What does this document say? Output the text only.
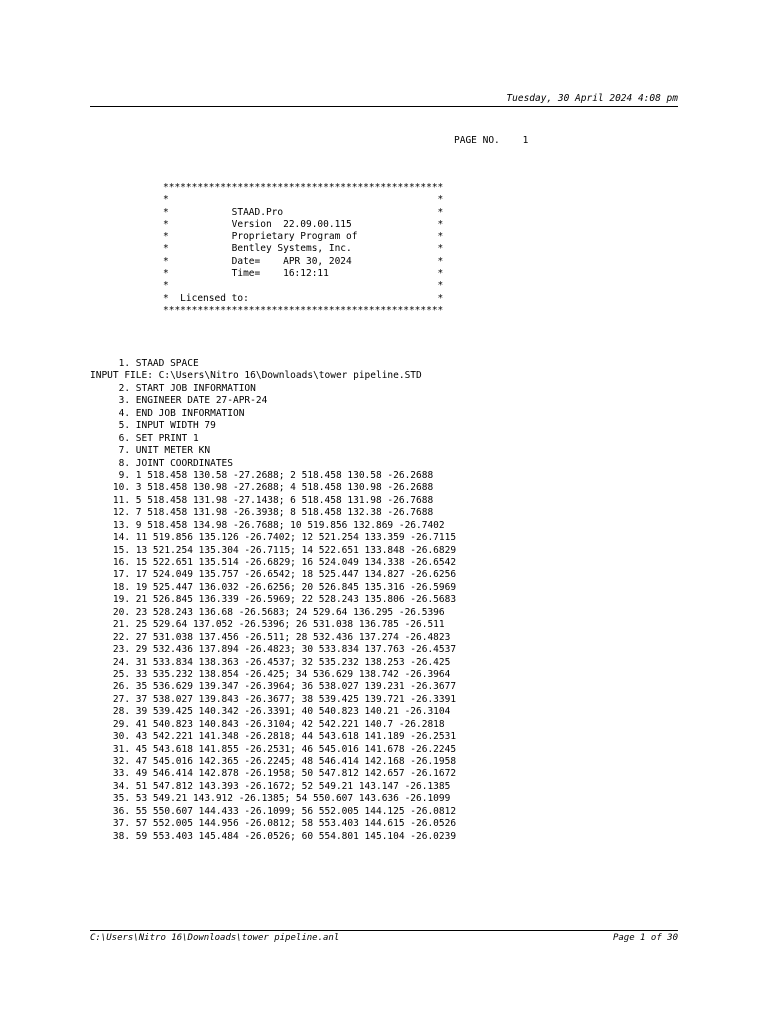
Tuesday, 30 April 2024 4:08 pm
PAGE NO.    1
*************************************************
*                                               *
*           STAAD.Pro                           *
*           Version  22.09.00.115               *
*           Proprietary Program of              *
*           Bentley Systems, Inc.               *
*           Date=    APR 30, 2024               *
*           Time=    16:12:11                   *
*                                               *
*  Licensed to:                                 *
*************************************************
1. STAAD SPACE
INPUT FILE: C:\Users\Nitro 16\Downloads\tower pipeline.STD
2. START JOB INFORMATION
3. ENGINEER DATE 27-APR-24
4. END JOB INFORMATION
5. INPUT WIDTH 79
6. SET PRINT 1
7. UNIT METER KN
8. JOINT COORDINATES
9. 1 518.458 130.58 -27.2688; 2 518.458 130.58 -26.2688
10. 3 518.458 130.98 -27.2688; 4 518.458 130.98 -26.2688
11. 5 518.458 131.98 -27.1438; 6 518.458 131.98 -26.7688
12. 7 518.458 131.98 -26.3938; 8 518.458 132.38 -26.7688
13. 9 518.458 134.98 -26.7688; 10 519.856 132.869 -26.7402
14. 11 519.856 135.126 -26.7402; 12 521.254 133.359 -26.7115
15. 13 521.254 135.304 -26.7115; 14 522.651 133.848 -26.6829
16. 15 522.651 135.514 -26.6829; 16 524.049 134.338 -26.6542
17. 17 524.049 135.757 -26.6542; 18 525.447 134.827 -26.6256
18. 19 525.447 136.032 -26.6256; 20 526.845 135.316 -26.5969
19. 21 526.845 136.339 -26.5969; 22 528.243 135.806 -26.5683
20. 23 528.243 136.68 -26.5683; 24 529.64 136.295 -26.5396
21. 25 529.64 137.052 -26.5396; 26 531.038 136.785 -26.511
22. 27 531.038 137.456 -26.511; 28 532.436 137.274 -26.4823
23. 29 532.436 137.894 -26.4823; 30 533.834 137.763 -26.4537
24. 31 533.834 138.363 -26.4537; 32 535.232 138.253 -26.425
25. 33 535.232 138.854 -26.425; 34 536.629 138.742 -26.3964
26. 35 536.629 139.347 -26.3964; 36 538.027 139.231 -26.3677
27. 37 538.027 139.843 -26.3677; 38 539.425 139.721 -26.3391
28. 39 539.425 140.342 -26.3391; 40 540.823 140.21 -26.3104
29. 41 540.823 140.843 -26.3104; 42 542.221 140.7 -26.2818
30. 43 542.221 141.348 -26.2818; 44 543.618 141.189 -26.2531
31. 45 543.618 141.855 -26.2531; 46 545.016 141.678 -26.2245
32. 47 545.016 142.365 -26.2245; 48 546.414 142.168 -26.1958
33. 49 546.414 142.878 -26.1958; 50 547.812 142.657 -26.1672
34. 51 547.812 143.393 -26.1672; 52 549.21 143.147 -26.1385
35. 53 549.21 143.912 -26.1385; 54 550.607 143.636 -26.1099
36. 55 550.607 144.433 -26.1099; 56 552.005 144.125 -26.0812
37. 57 552.005 144.956 -26.0812; 58 553.403 144.615 -26.0526
38. 59 553.403 145.484 -26.0526; 60 554.801 145.104 -26.0239
C:\Users\Nitro 16\Downloads\tower pipeline.anl	Page 1 of 30
